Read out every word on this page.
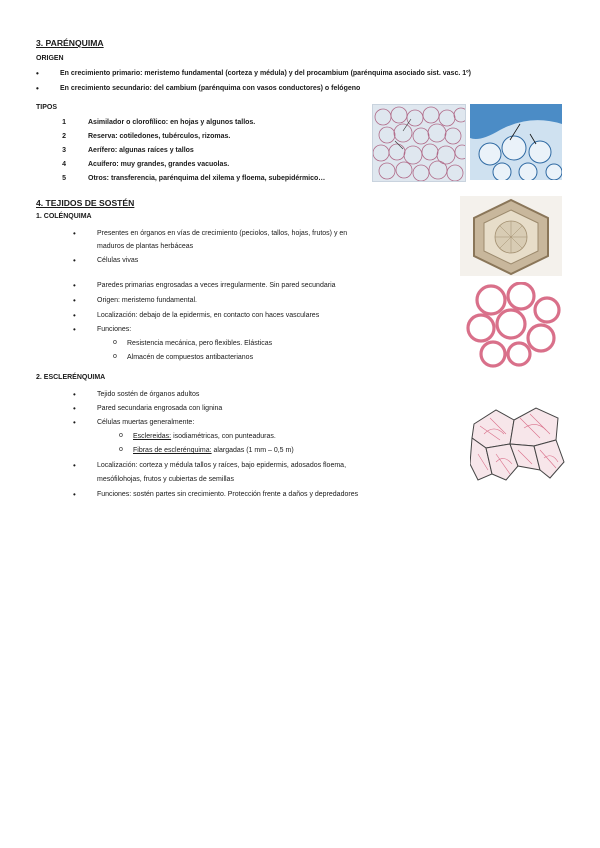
3. PARÉNQUIMA
ORIGEN
• En crecimiento primario: meristemo fundamental (corteza y médula) y del procambium (parénquima asociado sist. vasc. 1º)
• En crecimiento secundario: del cambium (parénquima con vasos conductores) o felógeno
TIPOS
1	Asimilador o clorofílico: en hojas y algunos tallos.
2	Reserva: cotiledones, tubérculos, rizomas.
3	Aerífero: algunas raíces y tallos
4	Acuífero: muy grandes, grandes vacuolas.
5	Otros: transferencia, parénquima del xilema y floema, subepidérmico…
4. TEJIDOS DE SOSTÉN
1. COLÉNQUIMA
• Presentes en órganos en vías de crecimiento (peciolos, tallos, hojas, frutos) y en
maduros de plantas herbáceas
• Células vivas
• Paredes primarias engrosadas a veces irregularmente. Sin pared secundaria
• Origen: meristemo fundamental.
• Localización: debajo de la epidermis, en contacto con haces vasculares
• Funciones:
o Resistencia mecánica, pero flexibles. Elásticas
o Almacén de compuestos antibacterianos
2. ESCLERÉNQUIMA
• Tejido sostén de órganos adultos
• Pared secundaria engrosada con lignina
• Células muertas generalmente:
o Esclereidas: isodiamétricas, con punteaduras.
o Fibras de esclerénquima: alargadas (1 mm – 0,5 m)
• Localización: corteza y médula tallos y raíces, bajo epidermis, adosados floema,
mesófilohojas, frutos y cubiertas de semillas
• Funciones: sostén partes sin crecimiento. Protección frente a daños y depredadores
